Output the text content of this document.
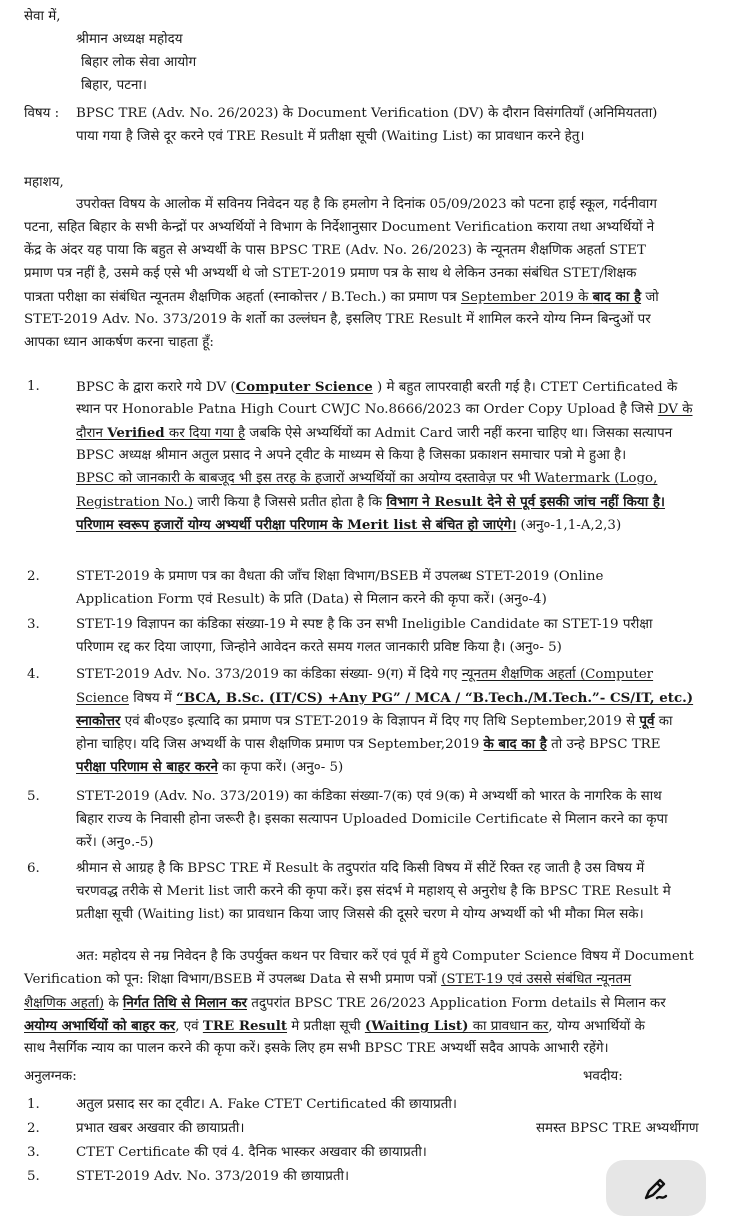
सेवा में,
श्रीमान अध्यक्ष महोदय
बिहार लोक सेवा आयोग
बिहार, पटना।
विषय : BPSC TRE (Adv. No. 26/2023) के Document Verification (DV) के दौरान विसंगतियाँ (अनिमियतता)
पाया गया है जिसे दूर करने एवं TRE Result में प्रतीक्षा सूची (Waiting List) का प्रावधान करने हेतु।
महाशय,
उपरोक्त विषय के आलोक में सविनय निवेदन यह है कि हमलोग ने दिनांक 05/09/2023 को पटना हाई स्कूल, गर्दनीवाग
पटना, सहित बिहार के सभी केन्द्रों पर अभ्यर्थियों ने विभाग के निर्देशानुसार Document Verification कराया तथा अभ्यर्थियों ने
केंद्र के अंदर यह पाया कि बहुत से अभ्यर्थी के पास BPSC TRE (Adv. No. 26/2023) के न्यूनतम शैक्षणिक अहर्ता STET
प्रमाण पत्र नहीं है, उसमे कई एसे भी अभ्यर्थी थे जो STET-2019 प्रमाण पत्र के साथ थे लेकिन उनका संबंधित STET/शिक्षक
पात्रता परीक्षा का संबंधित न्यूनतम शैक्षणिक अहर्ता (स्नाकोत्तर / B.Tech.) का प्रमाण पत्र September 2019 के बाद का है जो
STET-2019 Adv. No. 373/2019 के शर्तो का उल्लंघन है, इसलिए TRE Result में शामिल करने योग्य निम्न बिन्दुओं पर
आपका ध्यान आकर्षण करना चाहता हूँ:
1.	BPSC के द्वारा करारे गये DV (Computer Science ) मे बहुत लापरवाही बरती गई है। CTET Certificated के
स्थान पर Honorable Patna High Court CWJC No.8666/2023 का Order Copy Upload है जिसे DV के
दौरान Verified कर दिया गया है जबकि ऐसे अभ्यर्थियों का Admit Card जारी नहीं करना चाहिए था। जिसका सत्यापन
BPSC अध्यक्ष श्रीमान अतुल प्रसाद ने अपने ट्वीट के माध्यम से किया है जिसका प्रकाशन समाचार पत्रो मे हुआ है।
BPSC को जानकारी के बाबजूद भी इस तरह के हजारों अभ्यर्थियों का अयोग्य दस्तावेज़ पर भी Watermark (Logo,
Registration No.) जारी किया है जिससे प्रतीत होता है कि विभाग ने Result देने से पूर्व इसकी जांच नहीं किया है।
परिणाम स्वरूप हजारों योग्य अभ्यर्थी परीक्षा परिणाम के Merit list से बंचित हो जाएंगे। (अनु०-1,1-A,2,3)
2.	STET-2019 के प्रमाण पत्र का वैधता की जाँच शिक्षा विभाग/BSEB में उपलब्ध STET-2019 (Online
Application Form एवं Result) के प्रति (Data) से मिलान करने की कृपा करें। (अनु०-4)
3.	STET-19 विज्ञापन का कंडिका संख्या-19 मे स्पष्ट है कि उन सभी Ineligible Candidate का STET-19 परीक्षा
परिणाम रद्द कर दिया जाएगा, जिन्होने आवेदन करते समय गलत जानकारी प्रविष्ट किया है। (अनु०- 5)
4.	STET-2019 Adv. No. 373/2019 का कंडिका संख्या- 9(ग) में दिये गए न्यूनतम शैक्षणिक अहर्ता (Computer
Science विषय में “BCA, B.Sc. (IT/CS) +Any PG” / MCA / “B.Tech./M.Tech.”- CS/IT, etc.)
स्नाकोत्तर एवं बी०एड० इत्यादि का प्रमाण पत्र STET-2019 के विज्ञापन में दिए गए तिथि September,2019 से पूर्व का
होना चाहिए। यदि जिस अभ्यर्थी के पास शैक्षणिक प्रमाण पत्र September,2019 के बाद का है तो उन्हे BPSC TRE
परीक्षा परिणाम से बाहर करने का कृपा करें। (अनु०- 5)
5.	STET-2019 (Adv. No. 373/2019) का कंडिका संख्या-7(क) एवं 9(क) मे अभ्यर्थी को भारत के नागरिक के साथ
बिहार राज्य के निवासी होना जरूरी है। इसका सत्यापन Uploaded Domicile Certificate से मिलान करने का कृपा
करें। (अनु०.-5)
6.	श्रीमान से आग्रह है कि BPSC TRE में Result के तदुपरांत यदि किसी विषय में सीटें रिक्त रह जाती है उस विषय में
चरणवद्ध तरीके से Merit list जारी करने की कृपा करें। इस संदर्भ मे महाशय् से अनुरोध है कि BPSC TRE Result मे
प्रतीक्षा सूची (Waiting list) का प्रावधान किया जाए जिससे की दूसरे चरण मे योग्य अभ्यर्थी को भी मौका मिल सके।
अत: महोदय से नम्र निवेदन है कि उपर्युक्त कथन पर विचार करें एवं पूर्व में हुये Computer Science विषय में Document
Verification को पून: शिक्षा विभाग/BSEB में उपलब्ध Data से सभी प्रमाण पत्रों (STET-19 एवं उससे संबंधित न्यूनतम
शैक्षणिक अहर्ता) के निर्गत तिथि से मिलान कर तदुपरांत BPSC TRE 26/2023 Application Form details से मिलान कर
अयोग्य अभार्थियों को बाहर कर, एवं TRE Result मे प्रतीक्षा सूची (Waiting List) का प्रावधान कर, योग्य अभार्थियों के
साथ नैसर्गिक न्याय का पालन करने की कृपा करें। इसके लिए हम सभी BPSC TRE अभ्यर्थी सदैव आपके आभारी रहेंगे।
अनुलग्नक:	भवदीय:
1.	अतुल प्रसाद सर का ट्वीट। A. Fake CTET Certificated की छायाप्रती।
2.	प्रभात खबर अखवार की छायाप्रती।	समस्त BPSC TRE अभ्यर्थीगण
3.	CTET Certificate की एवं 4. दैनिक भास्कर अखवार की छायाप्रती।
5.	STET-2019 Adv. No. 373/2019 की छायाप्रती।
